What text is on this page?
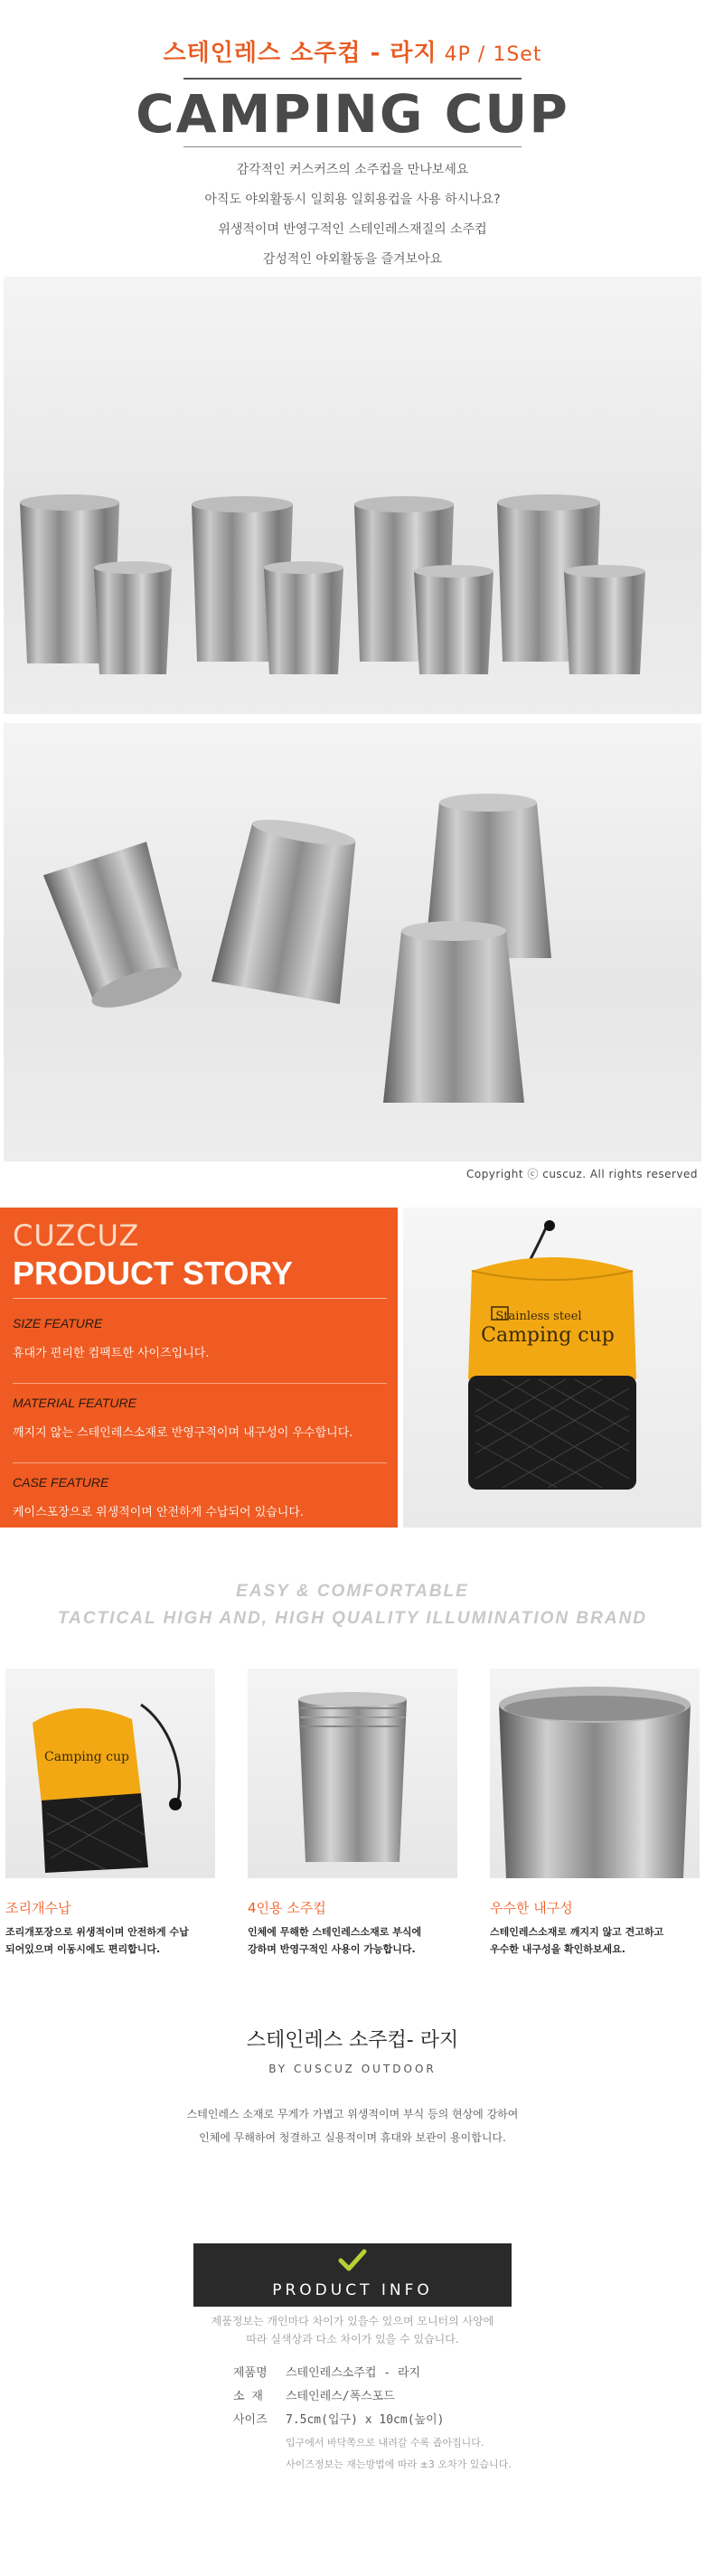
스테인레스 소주컵 - 라지 4P / 1Set
CAMPING CUP
감각적인 커스커즈의 소주컵을 만나보세요
아직도 야외활동시 일회용 일회용컵을 사용 하시나요?
위생적이며 반영구적인 스테인레스재질의 소주컵
감성적인 야외활동을 즐겨보아요
Copyright ⓒ cuscuz. All rights reserved
CUZCUZ
PRODUCT STORY
SIZE FEATURE
휴대가 편리한 컴팩트한 사이즈입니다.
MATERIAL FEATURE
깨지지 않는 스테인레스소재로 반영구적이며 내구성이 우수합니다.
CASE FEATURE
케이스포장으로 위생적이며 안전하게 수납되어 있습니다.
Stainless steel
Camping cup
EASY & COMFORTABLE
TACTICAL HIGH AND, HIGH QUALITY ILLUMINATION BRAND
Camping cup
조리개수납
조리개포장으로 위생적이며 안전하게 수납
되어있으며 이동시에도 편리합니다.
4인용 소주컵
인체에 무해한 스테인레스소재로 부식에
강하며 반영구적인 사용이 가능합니다.
우수한 내구성
스테인레스소재로 깨지지 않고 견고하고
우수한 내구성을 확인하보세요.
스테인레스 소주컵- 라지
BY CUSCUZ OUTDOOR
스테인레스 소재로 무게가 가볍고 위생적이며 부식 등의 현상에 강하여
인체에 무해하여 청결하고 실용적이며 휴대와 보관이 용이합니다.
PRODUCT INFO
제품정보는 개인마다 차이가 있을수 있으며 모니터의 사양에
따라 실색상과 다소 차이가 있을 수 있습니다.
제품명	스테인레스소주컵 - 라지
소 재	스테인레스/폭스포드
사이즈	7.5cm(입구) x 10cm(높이)
입구에서 바닥쪽으로 내려갈 수록 좁아집니다.
사이즈정보는 재는방법에 따라 ±3 오차가 있습니다.
